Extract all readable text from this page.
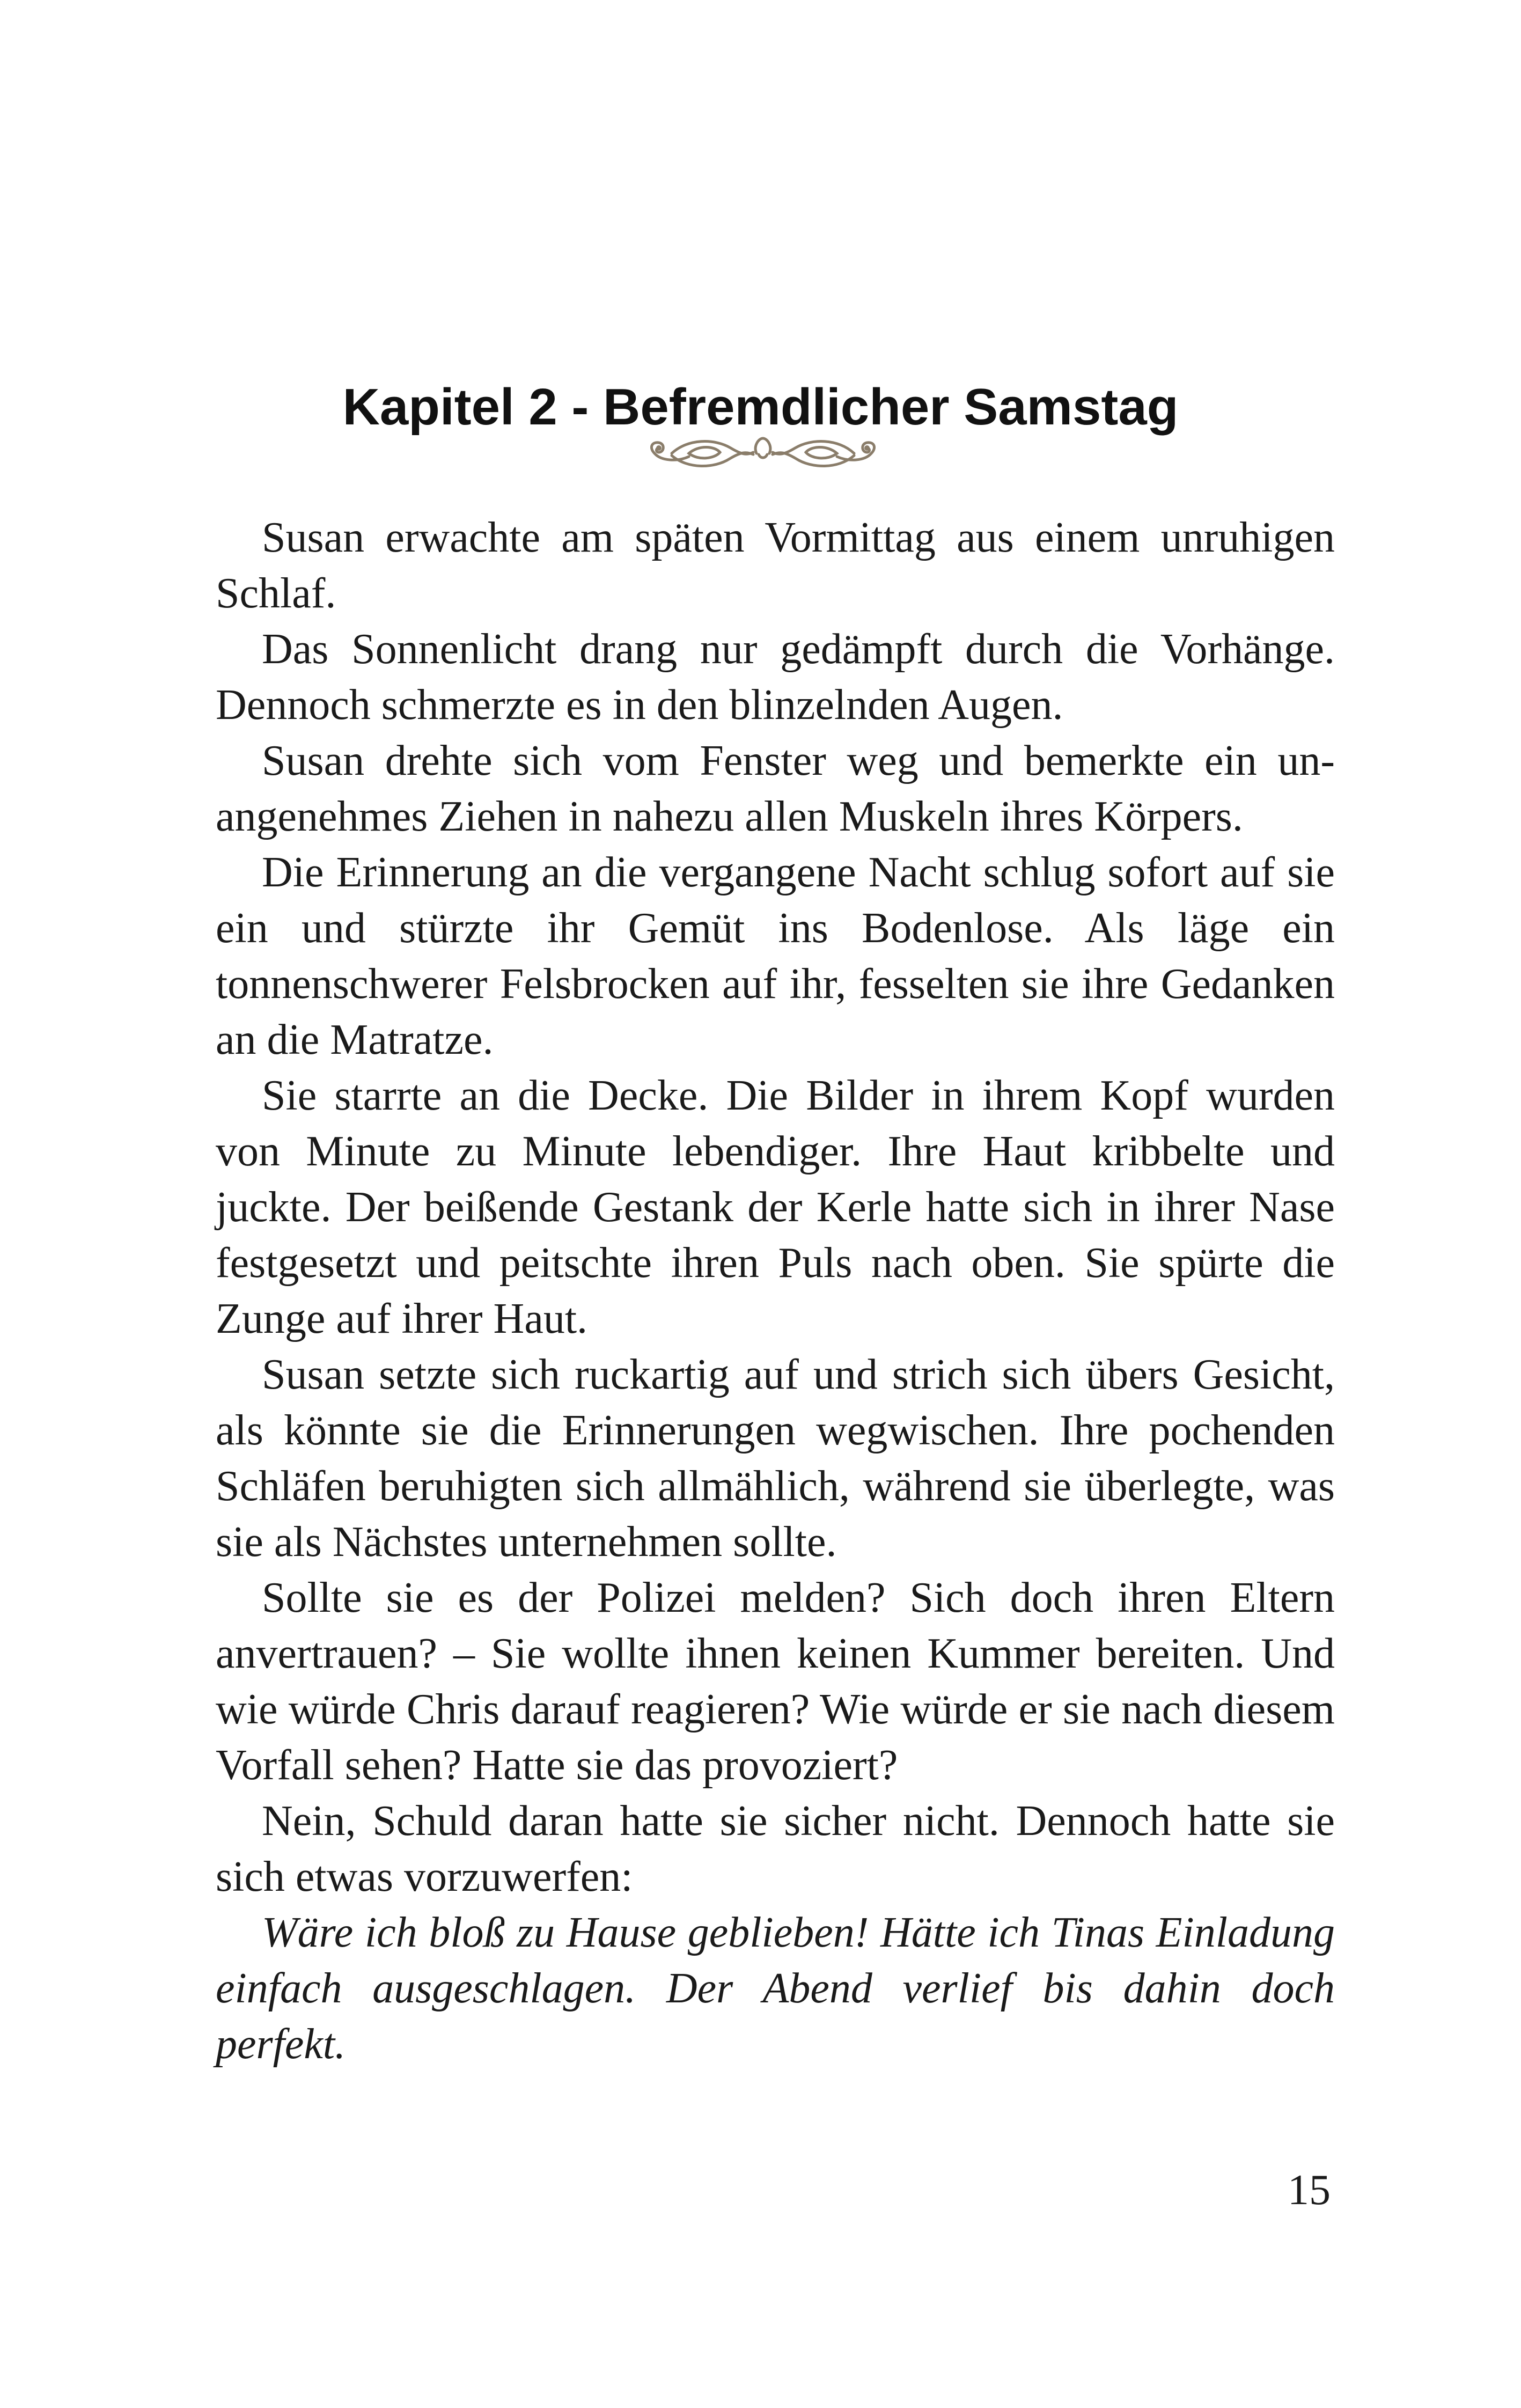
Kapitel 2 - Befremdlicher Samstag

Susan erwachte am späten Vormittag aus einem unruhigen Schlaf.

Das Sonnenlicht drang nur gedämpft durch die Vorhänge. Dennoch schmerzte es in den blinzelnden Augen.

Susan drehte sich vom Fenster weg und bemerkte ein unangenehmes Ziehen in nahezu allen Muskeln ihres Körpers.

Die Erinnerung an die vergangene Nacht schlug sofort auf sie ein und stürzte ihr Gemüt ins Bodenlose. Als läge ein tonnenschwerer Felsbrocken auf ihr, fesselten sie ihre Gedanken an die Matratze.

Sie starrte an die Decke. Die Bilder in ihrem Kopf wurden von Minute zu Minute lebendiger. Ihre Haut kribbelte und juckte. Der beißende Gestank der Kerle hatte sich in ihrer Nase festgesetzt und peitschte ihren Puls nach oben. Sie spürte die Zunge auf ihrer Haut.

Susan setzte sich ruckartig auf und strich sich übers Gesicht, als könnte sie die Erinnerungen wegwischen. Ihre pochenden Schläfen beruhigten sich allmählich, während sie überlegte, was sie als Nächstes unternehmen sollte.

Sollte sie es der Polizei melden? Sich doch ihren Eltern anvertrauen? – Sie wollte ihnen keinen Kummer bereiten. Und wie würde Chris darauf reagieren? Wie würde er sie nach diesem Vorfall sehen? Hatte sie das provoziert?

Nein, Schuld daran hatte sie sicher nicht. Dennoch hatte sie sich etwas vorzuwerfen:

Wäre ich bloß zu Hause geblieben! Hätte ich Tinas Einladung einfach ausgeschlagen. Der Abend verlief bis dahin doch perfekt.

15
